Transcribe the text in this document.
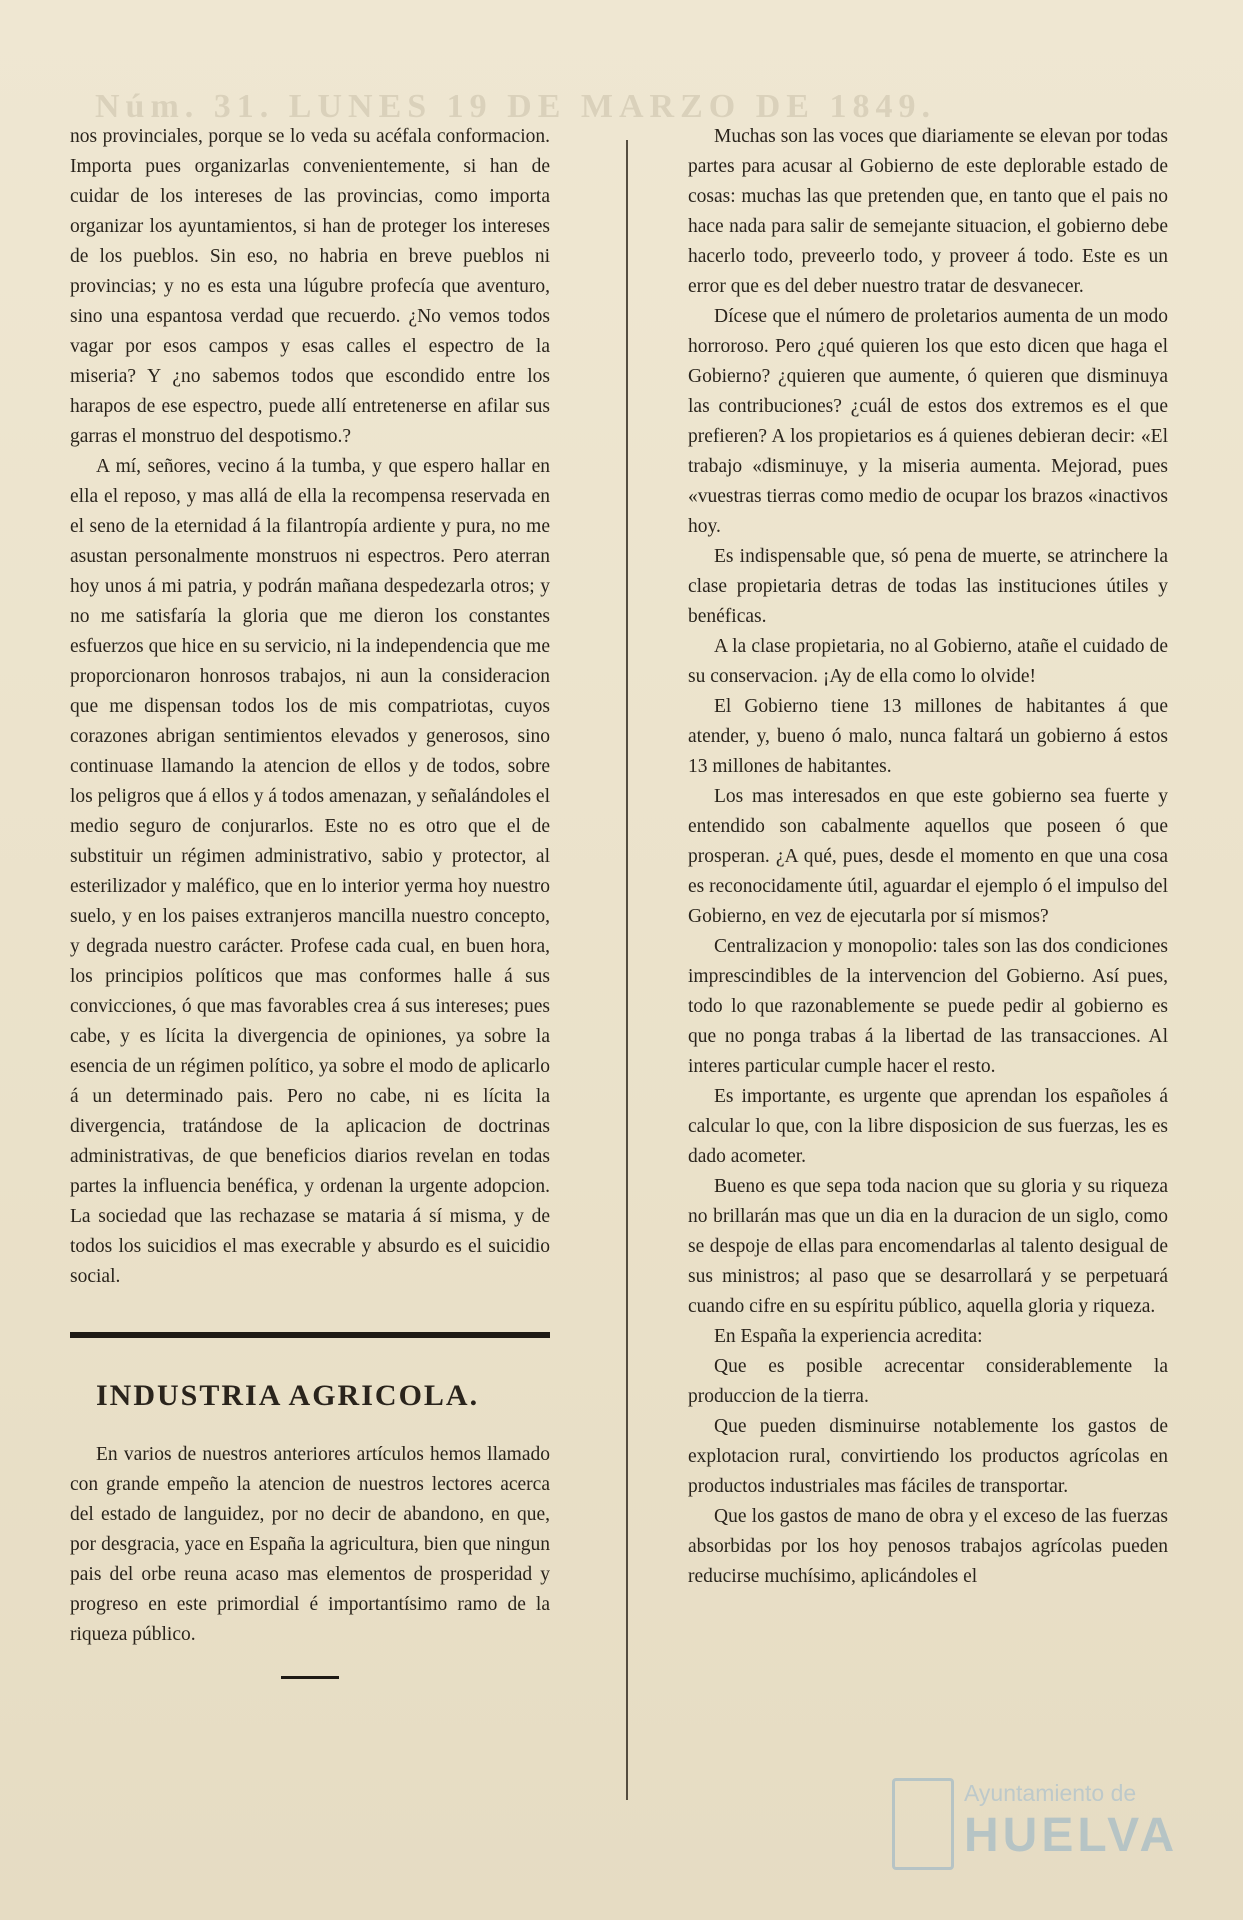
Núm. 31. LUNES 19 DE MARZO DE 1849.

nos provinciales, porque se lo veda su acéfala conformacion. Importa pues organizarlas convenientemente, si han de cuidar de los intereses de las provincias, como importa organizar los ayuntamientos, si han de proteger los intereses de los pueblos. Sin eso, no habria en breve pueblos ni provincias; y no es esta una lúgubre profecía que aventuro, sino una espantosa verdad que recuerdo. ¿No vemos todos vagar por esos campos y esas calles el espectro de la miseria? Y ¿no sabemos todos que escondido entre los harapos de ese espectro, puede allí entretenerse en afilar sus garras el monstruo del despotismo.?

A mí, señores, vecino á la tumba, y que espero hallar en ella el reposo, y mas allá de ella la recompensa reservada en el seno de la eternidad á la filantropía ardiente y pura, no me asustan personalmente monstruos ni espectros. Pero aterran hoy unos á mi patria, y podrán mañana despedezarla otros; y no me satisfaría la gloria que me dieron los constantes esfuerzos que hice en su servicio, ni la independencia que me proporcionaron honrosos trabajos, ni aun la consideracion que me dispensan todos los de mis compatriotas, cuyos corazones abrigan sentimientos elevados y generosos, sino continuase llamando la atencion de ellos y de todos, sobre los peligros que á ellos y á todos amenazan, y señalándoles el medio seguro de conjurarlos. Este no es otro que el de substituir un régimen administrativo, sabio y protector, al esterilizador y maléfico, que en lo interior yerma hoy nuestro suelo, y en los paises extranjeros mancilla nuestro concepto, y degrada nuestro carácter. Profese cada cual, en buen hora, los principios políticos que mas conformes halle á sus convicciones, ó que mas favorables crea á sus intereses; pues cabe, y es lícita la divergencia de opiniones, ya sobre la esencia de un régimen político, ya sobre el modo de aplicarlo á un determinado pais. Pero no cabe, ni es lícita la divergencia, tratándose de la aplicacion de doctrinas administrativas, de que beneficios diarios revelan en todas partes la influencia benéfica, y ordenan la urgente adopcion. La sociedad que las rechazase se mataria á sí misma, y de todos los suicidios el mas execrable y absurdo es el suicidio social.

INDUSTRIA AGRICOLA.

En varios de nuestros anteriores artículos hemos llamado con grande empeño la atencion de nuestros lectores acerca del estado de languidez, por no decir de abandono, en que, por desgracia, yace en España la agricultura, bien que ningun pais del orbe reuna acaso mas elementos de prosperidad y progreso en este primordial é importantísimo ramo de la riqueza público.

Muchas son las voces que diariamente se elevan por todas partes para acusar al Gobierno de este deplorable estado de cosas: muchas las que pretenden que, en tanto que el pais no hace nada para salir de semejante situacion, el gobierno debe hacerlo todo, preveerlo todo, y proveer á todo. Este es un error que es del deber nuestro tratar de desvanecer.

Dícese que el número de proletarios aumenta de un modo horroroso. Pero ¿qué quieren los que esto dicen que haga el Gobierno? ¿quieren que aumente, ó quieren que disminuya las contribuciones? ¿cuál de estos dos extremos es el que prefieren? A los propietarios es á quienes debieran decir: «El trabajo «disminuye, y la miseria aumenta. Mejorad, pues «vuestras tierras como medio de ocupar los brazos «inactivos hoy.

Es indispensable que, só pena de muerte, se atrinchere la clase propietaria detras de todas las instituciones útiles y benéficas.

A la clase propietaria, no al Gobierno, atañe el cuidado de su conservacion. ¡Ay de ella como lo olvide!

El Gobierno tiene 13 millones de habitantes á que atender, y, bueno ó malo, nunca faltará un gobierno á estos 13 millones de habitantes.

Los mas interesados en que este gobierno sea fuerte y entendido son cabalmente aquellos que poseen ó que prosperan. ¿A qué, pues, desde el momento en que una cosa es reconocidamente útil, aguardar el ejemplo ó el impulso del Gobierno, en vez de ejecutarla por sí mismos?

Centralizacion y monopolio: tales son las dos condiciones imprescindibles de la intervencion del Gobierno. Así pues, todo lo que razonablemente se puede pedir al gobierno es que no ponga trabas á la libertad de las transacciones. Al interes particular cumple hacer el resto.

Es importante, es urgente que aprendan los españoles á calcular lo que, con la libre disposicion de sus fuerzas, les es dado acometer.

Bueno es que sepa toda nacion que su gloria y su riqueza no brillarán mas que un dia en la duracion de un siglo, como se despoje de ellas para encomendarlas al talento desigual de sus ministros; al paso que se desarrollará y se perpetuará cuando cifre en su espíritu público, aquella gloria y riqueza.

En España la experiencia acredita:

Que es posible acrecentar considerablemente la produccion de la tierra.

Que pueden disminuirse notablemente los gastos de explotacion rural, convirtiendo los productos agrícolas en productos industriales mas fáciles de transportar.

Que los gastos de mano de obra y el exceso de las fuerzas absorbidas por los hoy penosos trabajos agrícolas pueden reducirse muchísimo, aplicándoles el

Ayuntamiento de
HUELVA
